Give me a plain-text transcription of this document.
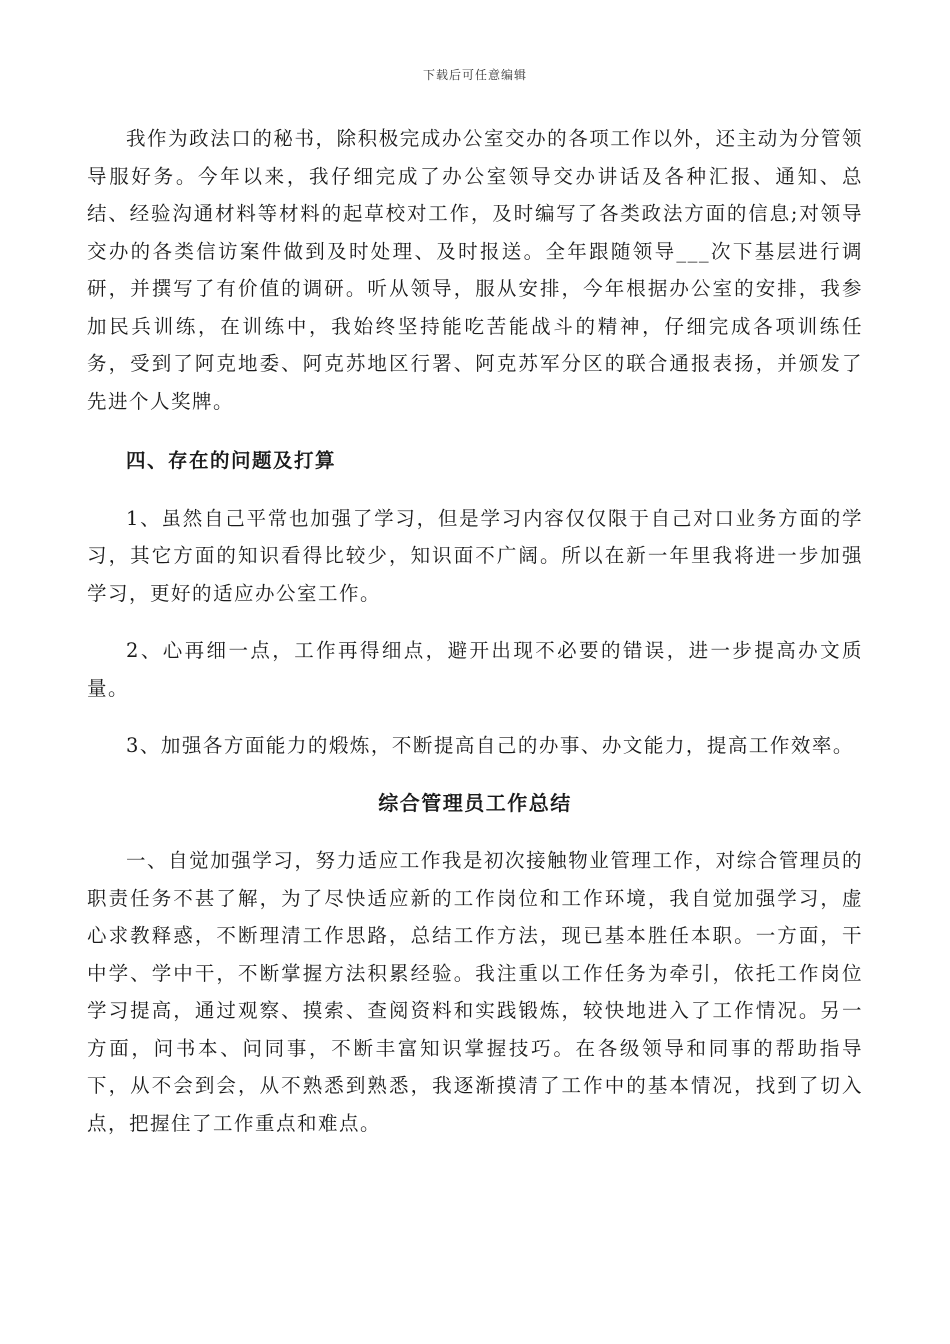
下载后可任意编辑

我作为政法口的秘书，除积极完成办公室交办的各项工作以外，还主动为分管领导服好务。今年以来，我仔细完成了办公室领导交办讲话及各种汇报、通知、总结、经验沟通材料等材料的起草校对工作，及时编写了各类政法方面的信息;对领导交办的各类信访案件做到及时处理、及时报送。全年跟随领导___次下基层进行调研，并撰写了有价值的调研。听从领导，服从安排，今年根据办公室的安排，我参加民兵训练，在训练中，我始终坚持能吃苦能战斗的精神，仔细完成各项训练任务，受到了阿克地委、阿克苏地区行署、阿克苏军分区的联合通报表扬，并颁发了先进个人奖牌。

四、存在的问题及打算

1、虽然自己平常也加强了学习，但是学习内容仅仅限于自己对口业务方面的学习，其它方面的知识看得比较少，知识面不广阔。所以在新一年里我将进一步加强学习，更好的适应办公室工作。

2、心再细一点，工作再得细点，避开出现不必要的错误，进一步提高办文质量。

3、加强各方面能力的煅炼，不断提高自己的办事、办文能力，提高工作效率。

综合管理员工作总结

一、自觉加强学习，努力适应工作我是初次接触物业管理工作，对综合管理员的职责任务不甚了解，为了尽快适应新的工作岗位和工作环境，我自觉加强学习，虚心求教释惑，不断理清工作思路，总结工作方法，现已基本胜任本职。一方面，干中学、学中干，不断掌握方法积累经验。我注重以工作任务为牵引，依托工作岗位学习提高，通过观察、摸索、查阅资料和实践锻炼，较快地进入了工作情况。另一方面，问书本、问同事，不断丰富知识掌握技巧。在各级领导和同事的帮助指导下，从不会到会，从不熟悉到熟悉，我逐渐摸清了工作中的基本情况，找到了切入点，把握住了工作重点和难点。
